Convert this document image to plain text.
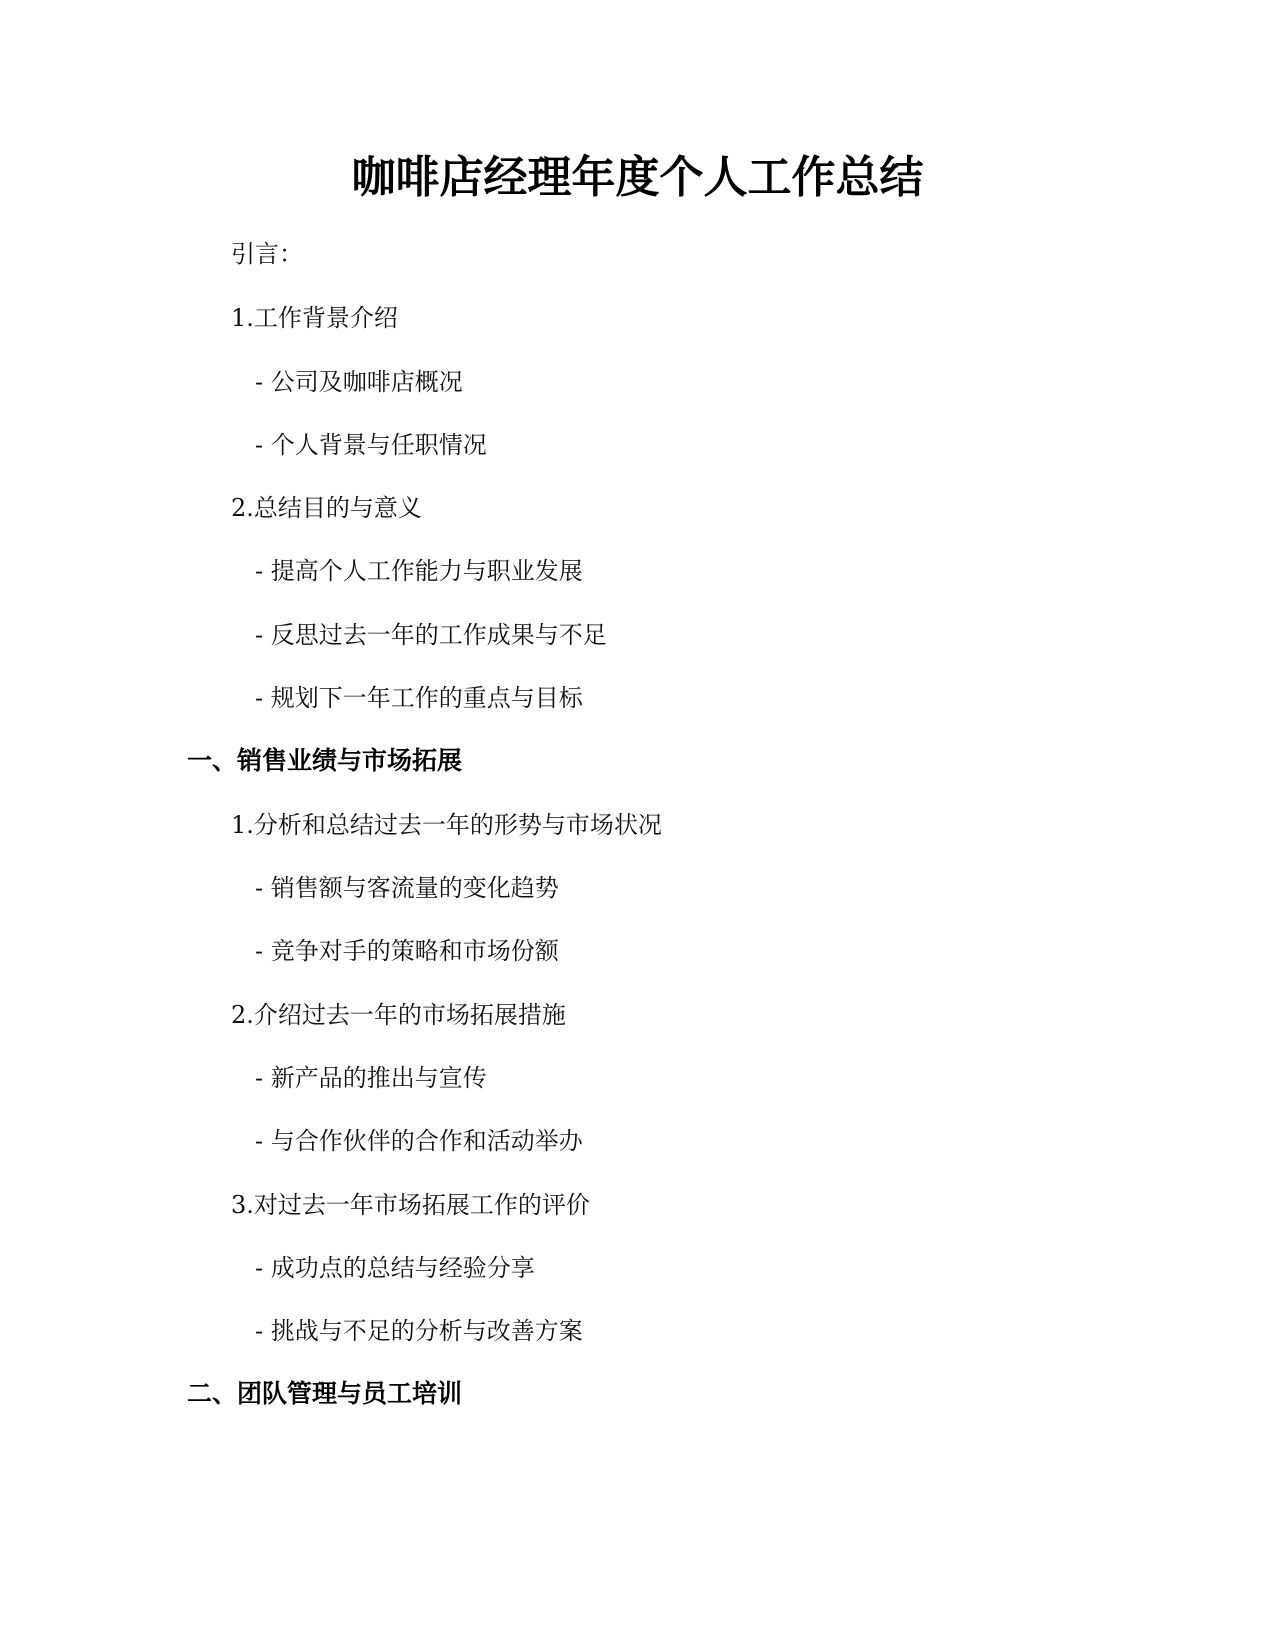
咖啡店经理年度个人工作总结

引言：

1.工作背景介绍

- 公司及咖啡店概况

- 个人背景与任职情况

2.总结目的与意义

- 提高个人工作能力与职业发展

- 反思过去一年的工作成果与不足

- 规划下一年工作的重点与目标

一、销售业绩与市场拓展

1.分析和总结过去一年的形势与市场状况

- 销售额与客流量的变化趋势

- 竞争对手的策略和市场份额

2.介绍过去一年的市场拓展措施

- 新产品的推出与宣传

- 与合作伙伴的合作和活动举办

3.对过去一年市场拓展工作的评价

- 成功点的总结与经验分享

- 挑战与不足的分析与改善方案

二、团队管理与员工培训
